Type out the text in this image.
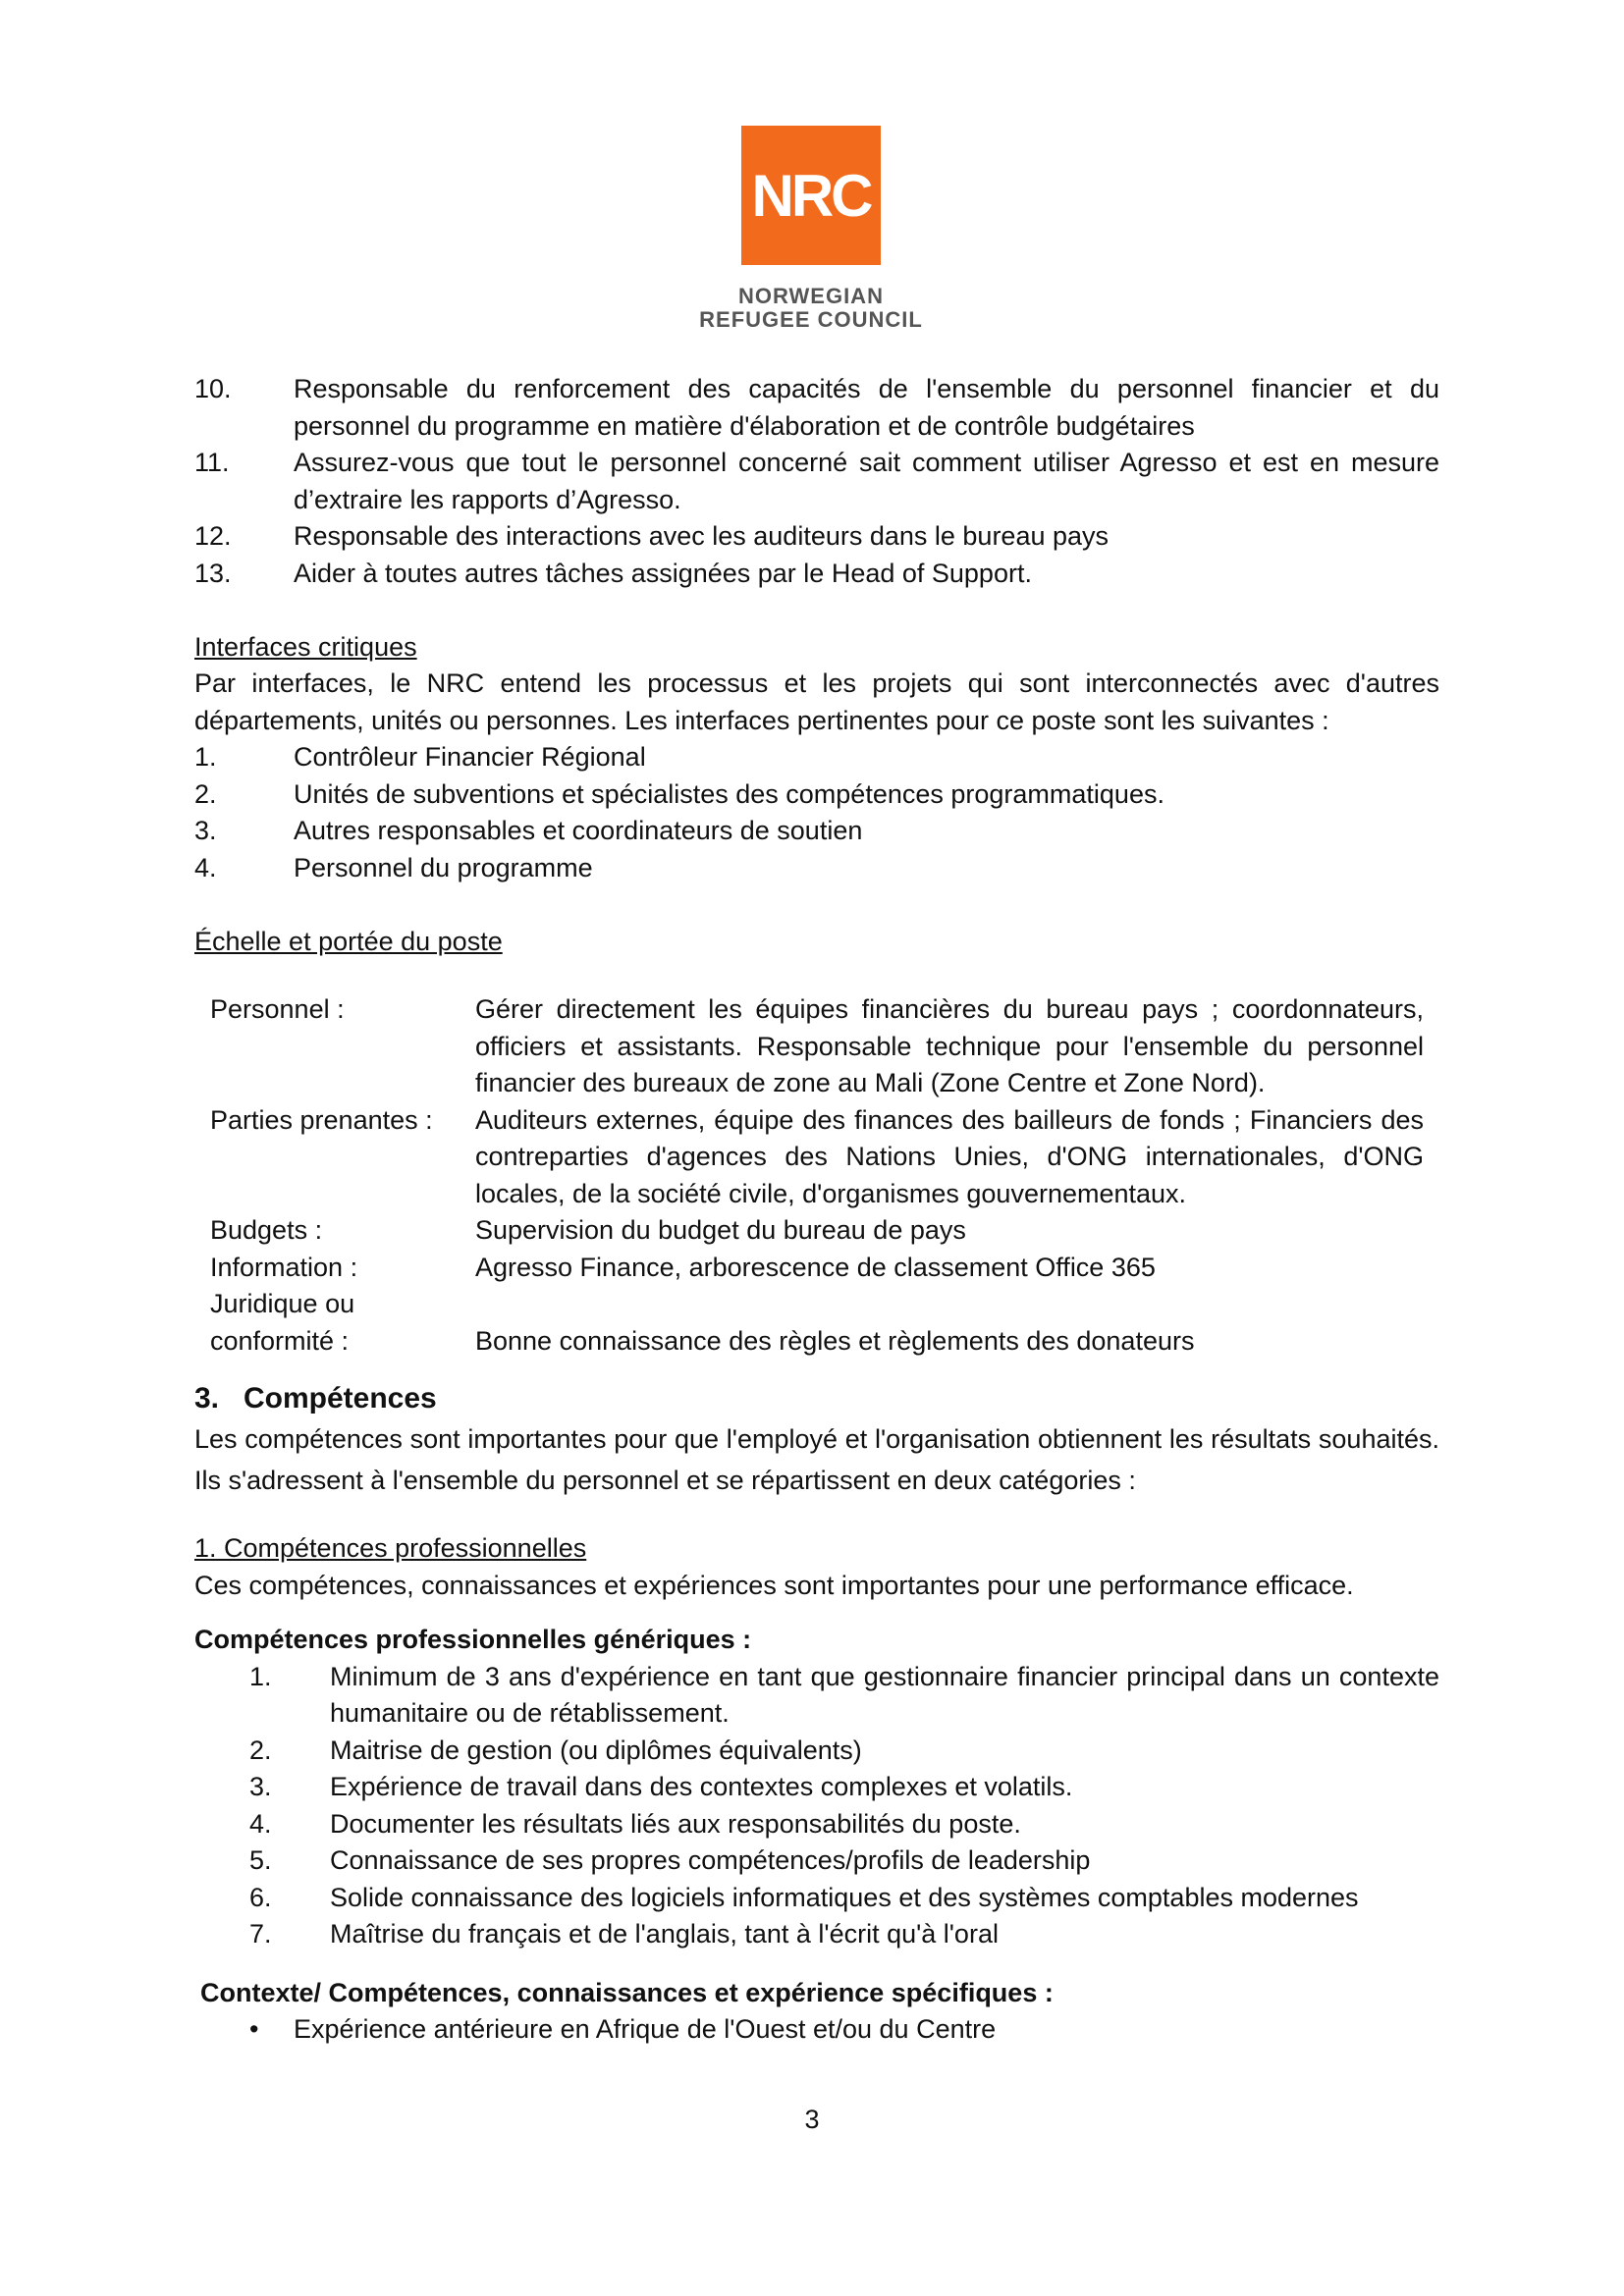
NRC
NORWEGIAN
REFUGEE COUNCIL
10.	Responsable du renforcement des capacités de l'ensemble du personnel financier et du personnel du programme en matière d'élaboration et de contrôle budgétaires
11.	Assurez-vous que tout le personnel concerné sait comment utiliser Agresso et est en mesure d’extraire les rapports d’Agresso.
12.	Responsable des interactions avec les auditeurs dans le bureau pays
13.	Aider à toutes autres tâches assignées par le Head of Support.
Interfaces critiques
Par interfaces, le NRC entend les processus et les projets qui sont interconnectés avec d'autres départements, unités ou personnes. Les interfaces pertinentes pour ce poste sont les suivantes :
1.	Contrôleur Financier Régional
2.	Unités de subventions et spécialistes des compétences programmatiques.
3.	Autres responsables et coordinateurs de soutien
4.	Personnel du programme
Échelle et portée du poste
Personnel :	Gérer directement les équipes financières du bureau pays ; coordonnateurs, officiers et assistants. Responsable technique pour l'ensemble du personnel financier des bureaux de zone au Mali (Zone Centre et Zone Nord).
Parties prenantes :	Auditeurs externes, équipe des finances des bailleurs de fonds ; Financiers des contreparties d'agences des Nations Unies, d'ONG internationales, d'ONG locales, de la société civile, d'organismes gouvernementaux.
Budgets :	Supervision du budget du bureau de pays
Information :	Agresso Finance, arborescence de classement Office 365
Juridique ou conformité :	Bonne connaissance des règles et règlements des donateurs
3. Compétences
Les compétences sont importantes pour que l'employé et l'organisation obtiennent les résultats souhaités. Ils s'adressent à l'ensemble du personnel et se répartissent en deux catégories :
1. Compétences professionnelles
Ces compétences, connaissances et expériences sont importantes pour une performance efficace.
Compétences professionnelles génériques :
1.	Minimum de 3 ans d'expérience en tant que gestionnaire financier principal dans un contexte humanitaire ou de rétablissement.
2.	Maitrise de gestion (ou diplômes équivalents)
3.	Expérience de travail dans des contextes complexes et volatils.
4.	Documenter les résultats liés aux responsabilités du poste.
5.	Connaissance de ses propres compétences/profils de leadership
6.	Solide connaissance des logiciels informatiques et des systèmes comptables modernes
7.	Maîtrise du français et de l'anglais, tant à l'écrit qu'à l'oral
Contexte/ Compétences, connaissances et expérience spécifiques :
•	Expérience antérieure en Afrique de l'Ouest et/ou du Centre
3
